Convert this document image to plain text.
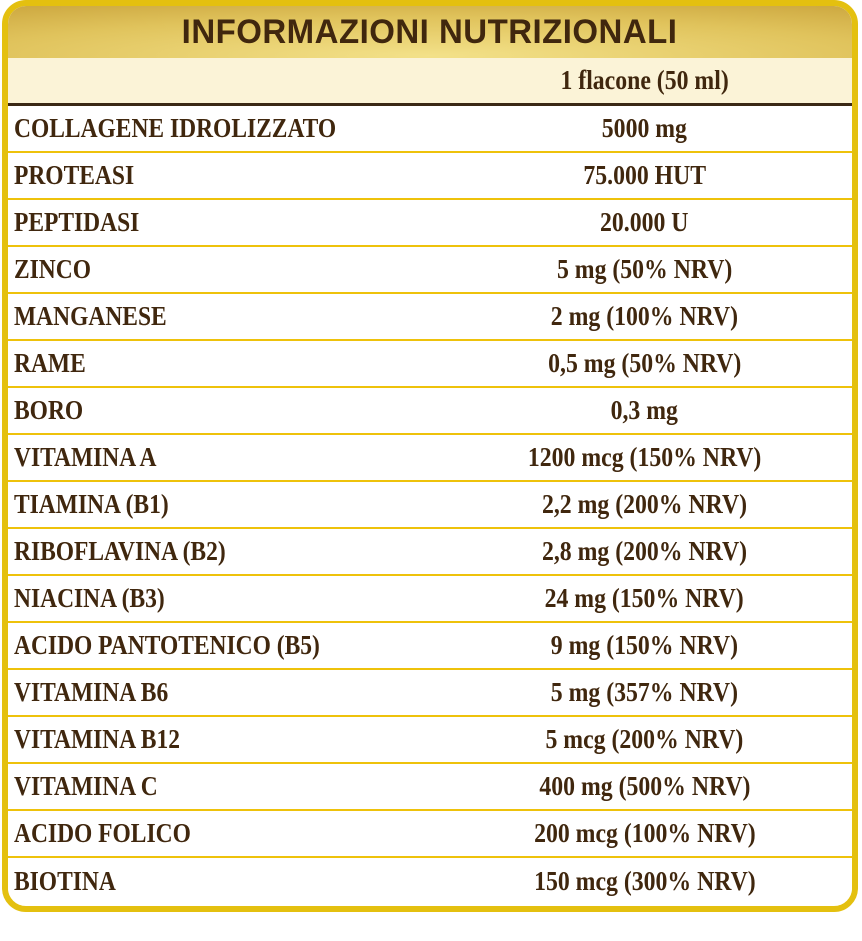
INFORMAZIONI NUTRIZIONALI
1 flacone (50 ml)
COLLAGENE IDROLIZZATO	5000 mg
PROTEASI	75.000 HUT
PEPTIDASI	20.000 U
ZINCO	5 mg (50% NRV)
MANGANESE	2 mg (100% NRV)
RAME	0,5 mg (50% NRV)
BORO	0,3 mg
VITAMINA A	1200 mcg (150% NRV)
TIAMINA (B1)	2,2 mg (200% NRV)
RIBOFLAVINA (B2)	2,8 mg (200% NRV)
NIACINA (B3)	24 mg (150% NRV)
ACIDO PANTOTENICO (B5)	9 mg (150% NRV)
VITAMINA B6	5 mg (357% NRV)
VITAMINA B12	5 mcg (200% NRV)
VITAMINA C	400 mg (500% NRV)
ACIDO FOLICO	200 mcg (100% NRV)
BIOTINA	150 mcg (300% NRV)
